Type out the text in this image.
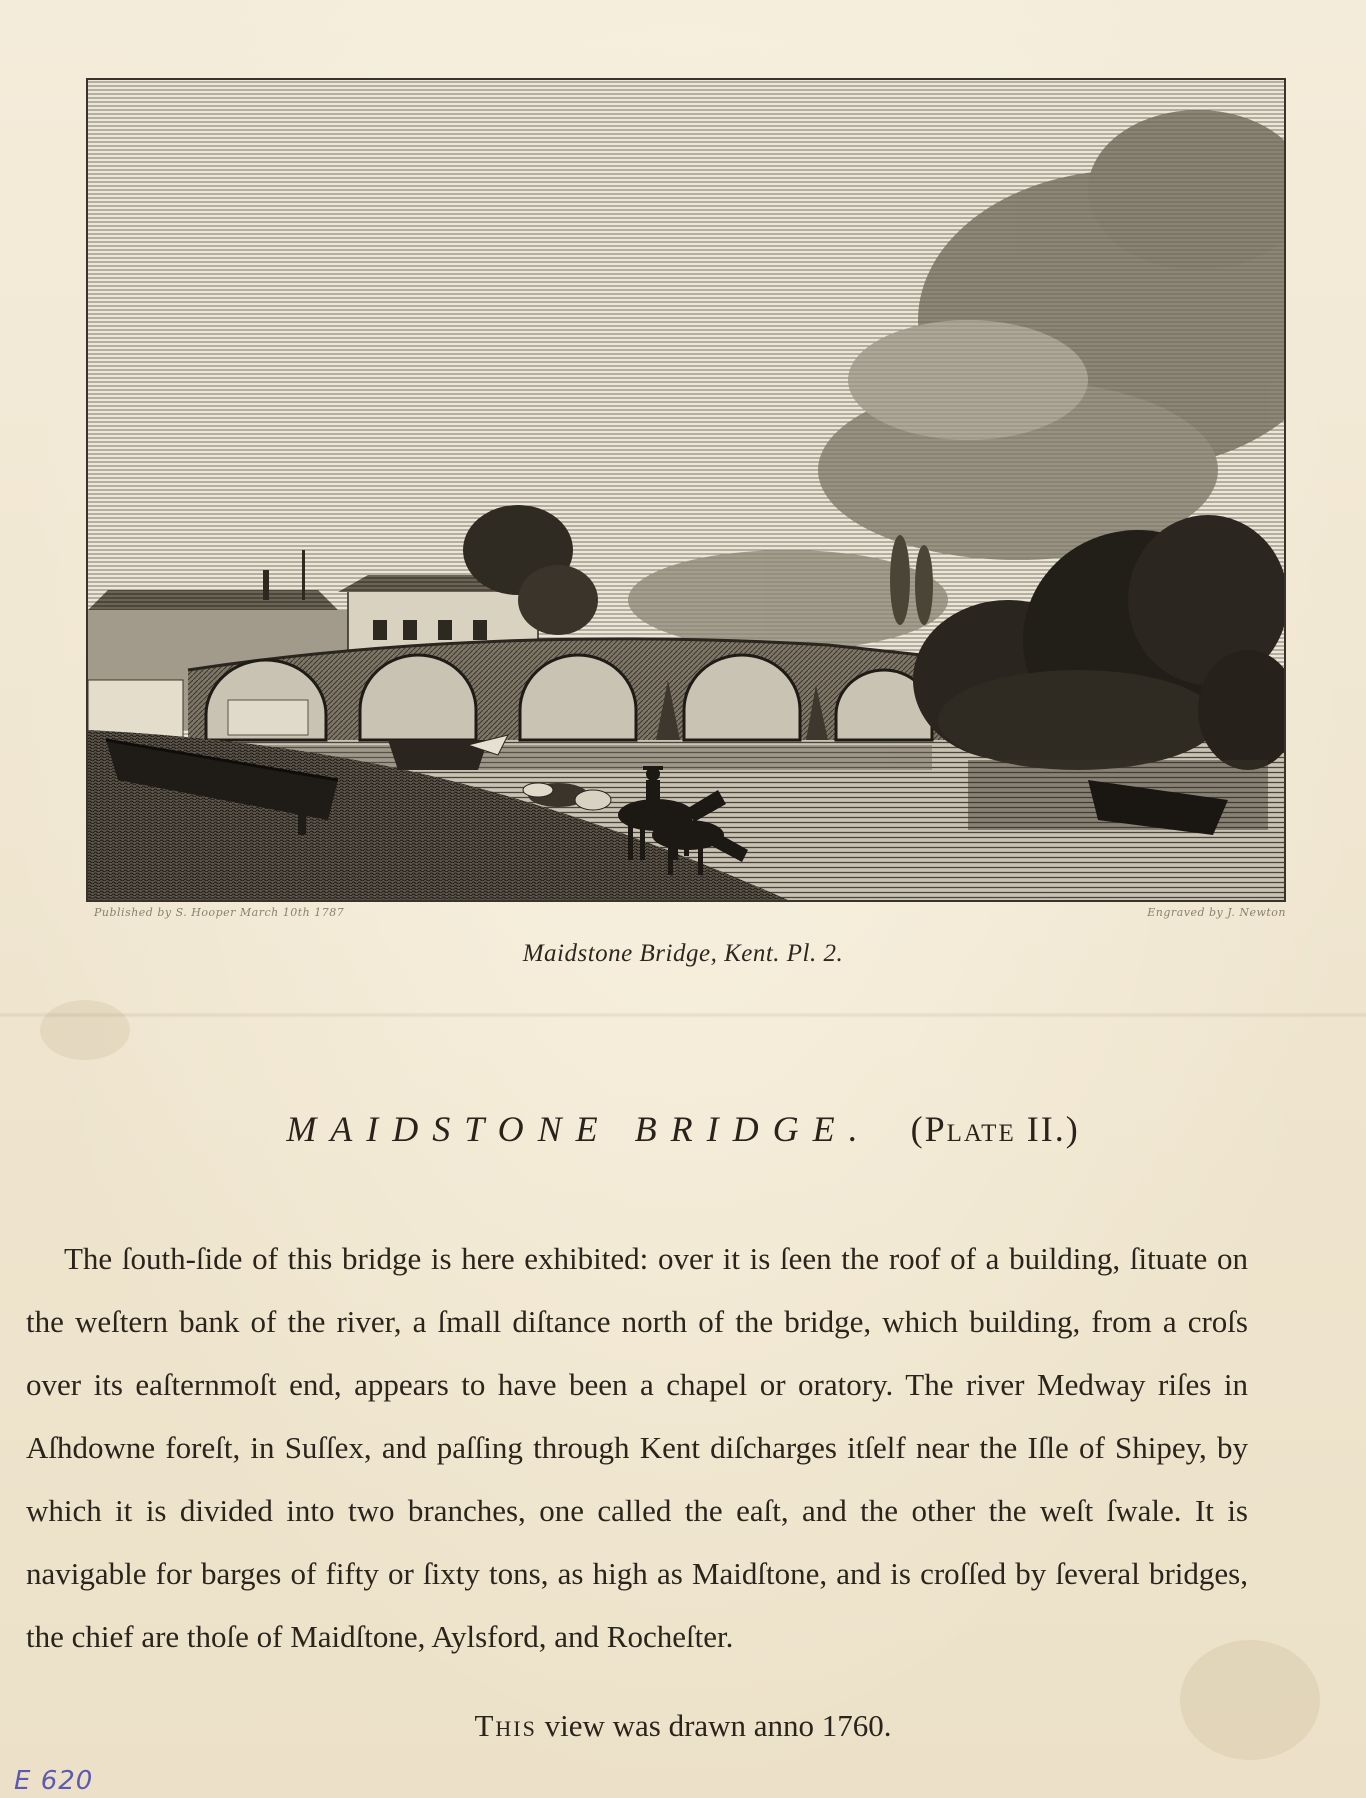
Published by S. Hooper March 10th 1787	Engraved by J. Newton
Maidstone Bridge, Kent. Pl. 2.
MAIDSTONE BRIDGE. (Plate II.)

The ſouth-ſide of this bridge is here exhibited: over it is ſeen the roof of a building, ſituate on the weſtern bank of the river, a ſmall diſtance north of the bridge, which building, from a croſs over its eaſternmoſt end, appears to have been a chapel or oratory. The river Medway riſes in Aſhdowne foreſt, in Suſſex, and paſſing through Kent diſcharges itſelf near the Iſle of Shipey, by which it is divided into two branches, one called the eaſt, and the other the weſt ſwale. It is navigable for barges of fifty or ſixty tons, as high as Maidſtone, and is croſſed by ſeveral bridges, the chief are thoſe of Maidſtone, Aylsford, and Rocheſter.

This view was drawn anno 1760.
E 620
